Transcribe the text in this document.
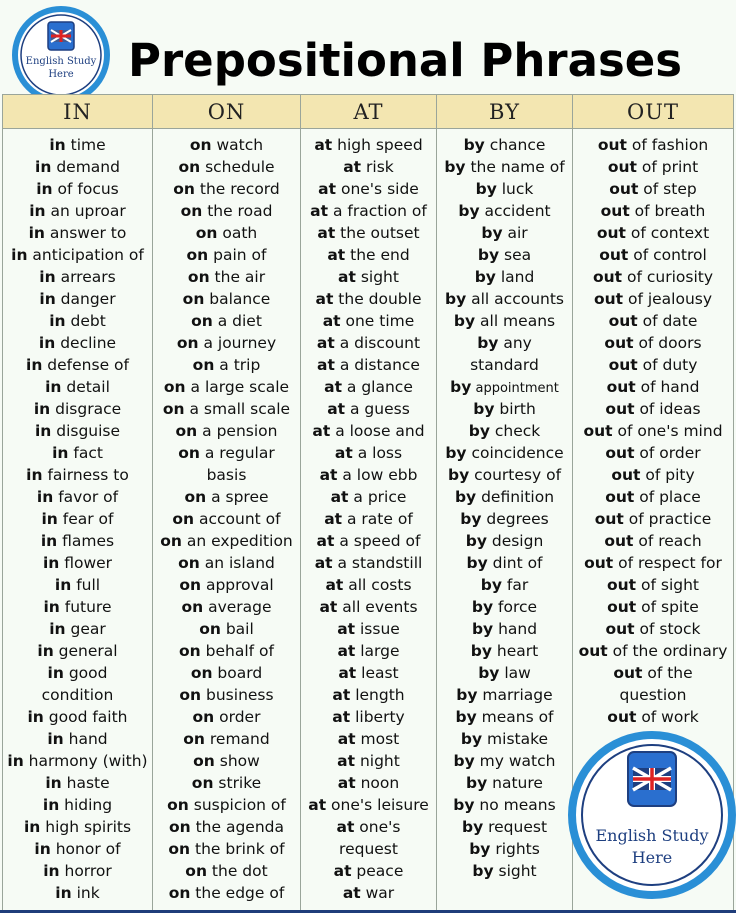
English Study
Here	Prepositional Phrases
IN
in time
in demand
in of focus
in an uproar
in answer to
in anticipation of
in arrears
in danger
in debt
in decline
in defense of
in detail
in disgrace
in disguise
in fact
in fairness to
in favor of
in fear of
in flames
in flower
in full
in future
in gear
in general
in good
condition
in good faith
in hand
in harmony (with)
in haste
in hiding
in high spirits
in honor of
in horror
in ink
ON
on watch
on schedule
on the record
on the road
on oath
on pain of
on the air
on balance
on a diet
on a journey
on a trip
on a large scale
on a small scale
on a pension
on a regular
basis
on a spree
on account of
on an expedition
on an island
on approval
on average
on bail
on behalf of
on board
on business
on order
on remand
on show
on strike
on suspicion of
on the agenda
on the brink of
on the dot
on the edge of
AT
at high speed
at risk
at one's side
at a fraction of
at the outset
at the end
at sight
at the double
at one time
at a discount
at a distance
at a glance
at a guess
at a loose and
at a loss
at a low ebb
at a price
at a rate of
at a speed of
at a standstill
at all costs
at all events
at issue
at large
at least
at length
at liberty
at most
at night
at noon
at one's leisure
at one's
request
at peace
at war
BY
by chance
by the name of
by luck
by accident
by air
by sea
by land
by all accounts
by all means
by any
standard
by appointment
by birth
by check
by coincidence
by courtesy of
by definition
by degrees
by design
by dint of
by far
by force
by hand
by heart
by law
by marriage
by means of
by mistake
by my watch
by nature
by no means
by request
by rights
by sight
OUT
out of fashion
out of print
out of step
out of breath
out of context
out of control
out of curiosity
out of jealousy
out of date
out of doors
out of duty
out of hand
out of ideas
out of one's mind
out of order
out of pity
out of place
out of practice
out of reach
out of respect for
out of sight
out of spite
out of stock
out of the ordinary
out of the
question
out of work
English Study
Here
